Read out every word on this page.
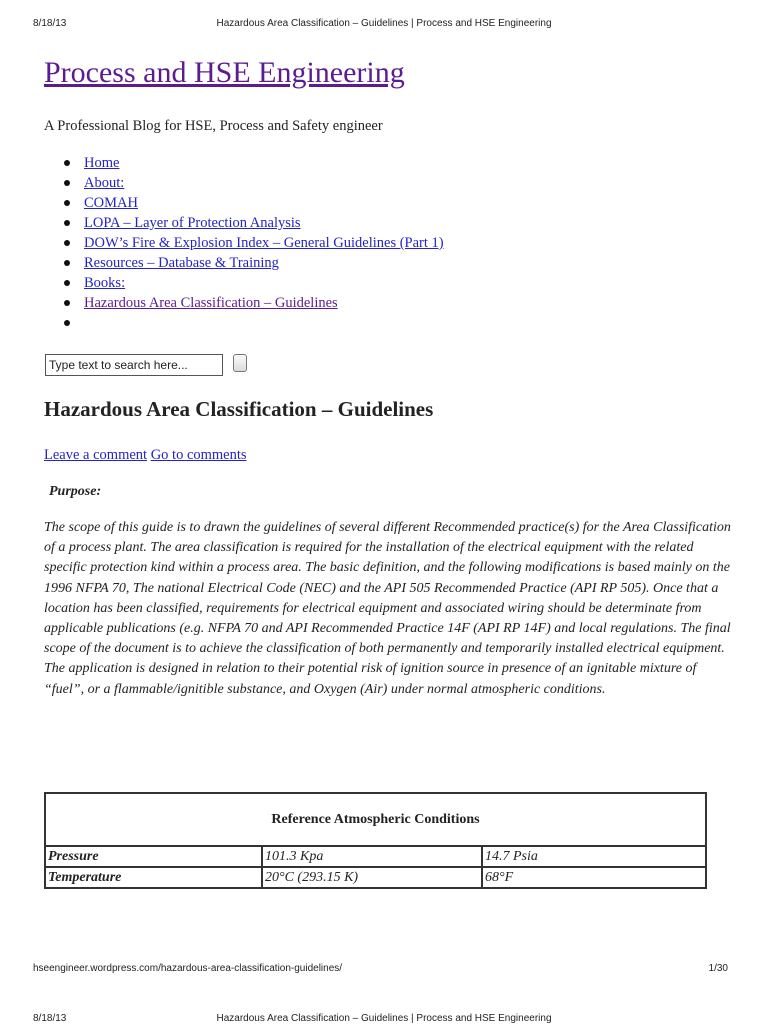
8/18/13	Hazardous Area Classification – Guidelines | Process and HSE Engineering
Process and HSE Engineering

A Professional Blog for HSE, Process and Safety engineer

Home
About:
COMAH
LOPA – Layer of Protection Analysis
DOW’s Fire & Explosion Index – General Guidelines (Part 1)
Resources – Database & Training
Books:
Hazardous Area Classification – Guidelines
Type text to search here...
Hazardous Area Classification – Guidelines
Leave a comment Go to comments

Purpose:

The scope of this guide is to drawn the guidelines of several different Recommended practice(s) for the Area Classification of a process plant. The area classification is required for the installation of the electrical equipment with the related specific protection kind within a process area. The basic definition, and the following modifications is based mainly on the 1996 NFPA 70, The national Electrical Code (NEC) and the API 505 Recommended Practice (API RP 505). Once that a location has been classified, requirements for electrical equipment and associated wiring should be determinate from applicable publications (e.g. NFPA 70 and API Recommended Practice 14F (API RP 14F) and local regulations. The final scope of the document is to achieve the classification of both permanently and temporarily installed electrical equipment. The application is designed in relation to their potential risk of ignition source in presence of an ignitable mixture of “fuel”, or a flammable/ignitible substance, and Oxygen (Air) under normal atmospheric conditions.

Reference Atmospheric Conditions		
Pressure	101.3 Kpa	14.7 Psia
Temperature	20°C (293.15 K)	68°F
hseengineer.wordpress.com/hazardous-area-classification-guidelines/	1/30
8/18/13	Hazardous Area Classification – Guidelines | Process and HSE Engineering
